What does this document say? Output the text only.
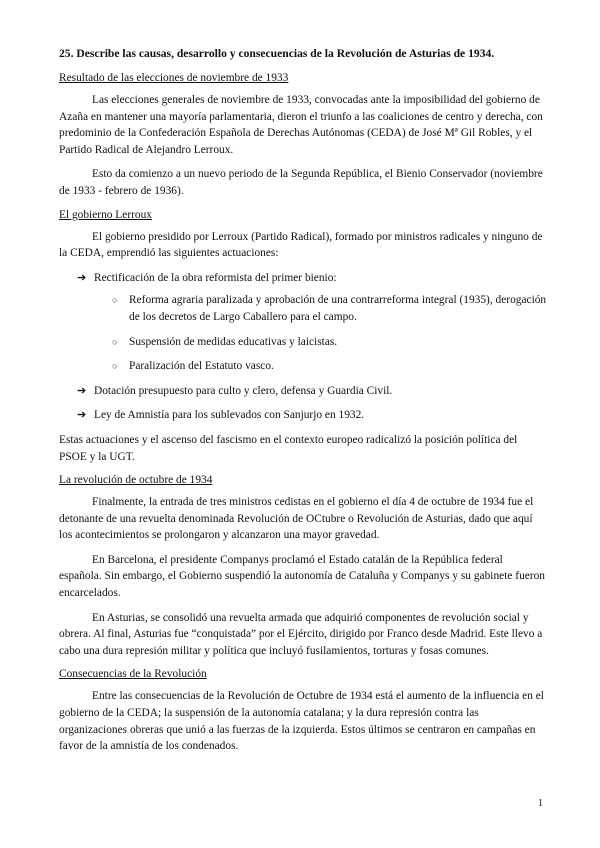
25. Describe las causas, desarrollo y consecuencias de la Revolución de Asturias de 1934.
Resultado de las elecciones de noviembre de 1933

Las elecciones generales de noviembre de 1933, convocadas ante la imposibilidad del gobierno de Azaña en mantener una mayoría parlamentaria, dieron el triunfo a las coaliciones de centro y derecha, con predominio de la Confederación Española de Derechas Autónomas (CEDA) de José Mª Gil Robles, y el Partido Radical de Alejandro Lerroux.

Esto da comienzo a un nuevo periodo de la Segunda República, el Bienio Conservador (noviembre de 1933 - febrero de 1936).

El gobierno Lerroux

El gobierno presidido por Lerroux (Partido Radical), formado por ministros radicales y ninguno de la CEDA, emprendió las siguientes actuaciones:

➔ Rectificación de la obra reformista del primer bienio:
○ Reforma agraria paralizada y aprobación de una contrarreforma integral (1935), derogación de los decretos de Largo Caballero para el campo.
○ Suspensión de medidas educativas y laicistas.
○ Paralización del Estatuto vasco.
➔ Dotación presupuesto para culto y clero, defensa y Guardia Civil.
➔ Ley de Amnistía para los sublevados con Sanjurjo en 1932.

Estas actuaciones y el ascenso del fascismo en el contexto europeo radicalizó la posición política del PSOE y la UGT.

La revolución de octubre de 1934

Finalmente, la entrada de tres ministros cedistas en el gobierno el día 4 de octubre de 1934 fue el detonante de una revuelta denominada Revolución de OCtubre o Revolución de Asturias, dado que aquí los acontecimientos se prolongaron y alcanzaron una mayor gravedad.

En Barcelona, el presidente Companys proclamó el Estado catalán de la República federal española. Sin embargo, el Gobierno suspendió la autonomía de Cataluña y Companys y su gabinete fueron encarcelados.

En Asturias, se consolidó una revuelta armada que adquirió componentes de revolución social y obrera. Al final, Asturias fue “conquistada” por el Ejército, dirigido por Franco desde Madrid. Este llevo a cabo una dura represión militar y política que incluyó fusilamientos, torturas y fosas comunes.

Consecuencias de la Revolución

Entre las consecuencias de la Revolución de Octubre de 1934 está el aumento de la influencia en el gobierno de la CEDA; la suspensión de la autonomía catalana; y la dura represión contra las organizaciones obreras que unió a las fuerzas de la izquierda. Estos últimos se centraron en campañas en favor de la amnistía de los condenados.

1
